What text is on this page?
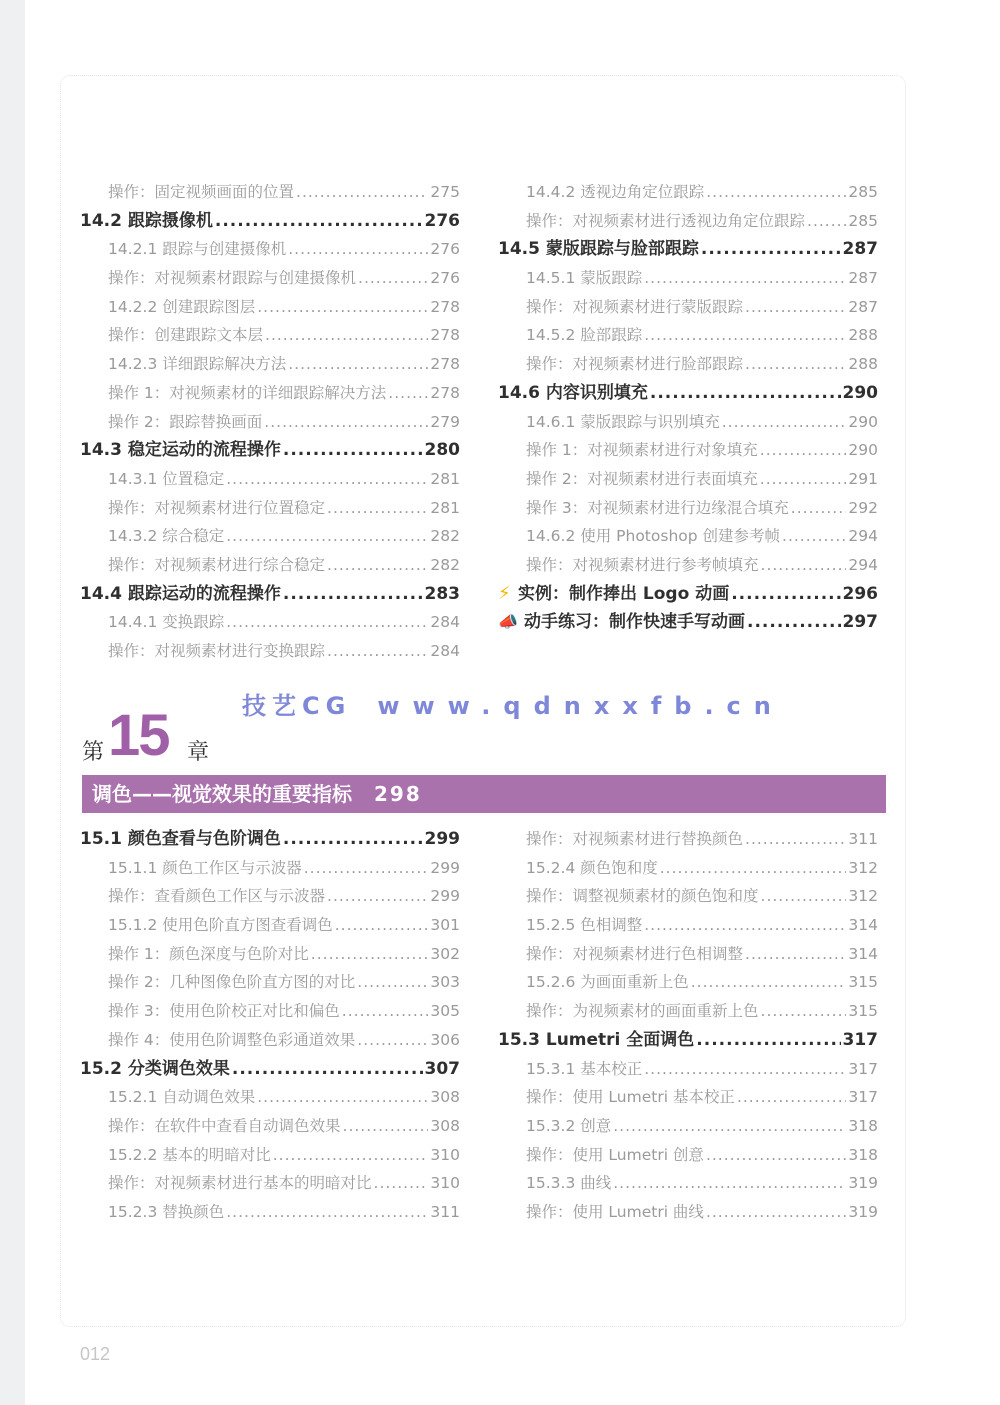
操作：固定视频画面的位置 .....	275
14.2 跟踪摄像机 .....	276
14.2.1 跟踪与创建摄像机 .....	276
操作：对视频素材跟踪与创建摄像机 .....	276
14.2.2 创建跟踪图层 .....	278
操作：创建跟踪文本层 .....	278
14.2.3 详细跟踪解决方法 .....	278
操作 1：对视频素材的详细跟踪解决方法 .....	278
操作 2：跟踪替换画面 .....	279
14.3 稳定运动的流程操作 .....	280
14.3.1 位置稳定 .....	281
操作：对视频素材进行位置稳定 .....	281
14.3.2 综合稳定 .....	282
操作：对视频素材进行综合稳定 .....	282
14.4 跟踪运动的流程操作 .....	283
14.4.1 变换跟踪 .....	284
操作：对视频素材进行变换跟踪 .....	284
14.4.2 透视边角定位跟踪 .....	285
操作：对视频素材进行透视边角定位跟踪 .....	285
14.5 蒙版跟踪与脸部跟踪 .....	287
14.5.1 蒙版跟踪 .....	287
操作：对视频素材进行蒙版跟踪 .....	287
14.5.2 脸部跟踪 .....	288
操作：对视频素材进行脸部跟踪 .....	288
14.6 内容识别填充 .....	290
14.6.1 蒙版跟踪与识别填充 .....	290
操作 1：对视频素材进行对象填充 .....	290
操作 2：对视频素材进行表面填充 .....	291
操作 3：对视频素材进行边缘混合填充 .....	292
14.6.2 使用 Photoshop 创建参考帧 .....	294
操作：对视频素材进行参考帧填充 .....	294
⚡ 实例：制作捧出 Logo 动画 .....	296
📣 动手练习：制作快速手写动画 .....	297
技艺CG www.qdnxxfb.cn
第 15 章
调色——视觉效果的重要指标 298
15.1 颜色查看与色阶调色 .....	299
15.1.1 颜色工作区与示波器 .....	299
操作：查看颜色工作区与示波器 .....	299
15.1.2 使用色阶直方图查看调色 .....	301
操作 1：颜色深度与色阶对比 .....	302
操作 2：几种图像色阶直方图的对比 .....	303
操作 3：使用色阶校正对比和偏色 .....	305
操作 4：使用色阶调整色彩通道效果 .....	306
15.2 分类调色效果 .....	307
15.2.1 自动调色效果 .....	308
操作：在软件中查看自动调色效果 .....	308
15.2.2 基本的明暗对比 .....	310
操作：对视频素材进行基本的明暗对比 .....	310
15.2.3 替换颜色 .....	311
操作：对视频素材进行替换颜色 .....	311
15.2.4 颜色饱和度 .....	312
操作：调整视频素材的颜色饱和度 .....	312
15.2.5 色相调整 .....	314
操作：对视频素材进行色相调整 .....	314
15.2.6 为画面重新上色 .....	315
操作：为视频素材的画面重新上色 .....	315
15.3 Lumetri 全面调色 .....	317
15.3.1 基本校正 .....	317
操作：使用 Lumetri 基本校正 .....	317
15.3.2 创意 .....	318
操作：使用 Lumetri 创意 .....	318
15.3.3 曲线 .....	319
操作：使用 Lumetri 曲线 .....	319
012
